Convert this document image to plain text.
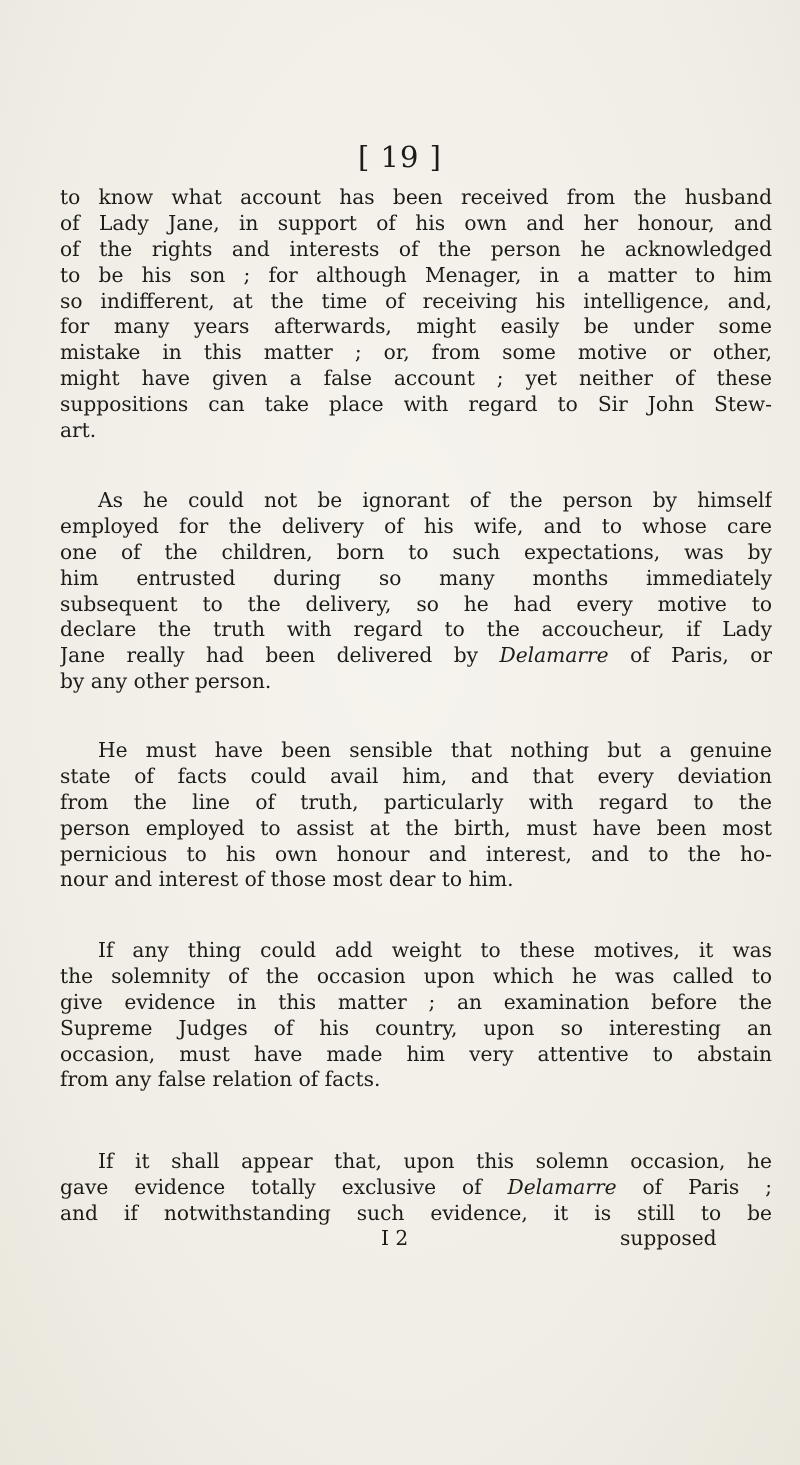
[ 19 ]
to know what account has been received from the husband
of Lady Jane, in support of his own and her honour, and
of the rights and interests of the person he acknowledged
to be his son ; for although Menager, in a matter to him
so indifferent, at the time of receiving his intelligence, and,
for many years afterwards, might easily be under some
mistake in this matter ; or, from some motive or other,
might have given a false account ; yet neither of these
suppositions can take place with regard to Sir John Stew-
art.
As he could not be ignorant of the person by himself
employed for the delivery of his wife, and to whose care
one of the children, born to such expectations, was by
him entrusted during so many months immediately
subsequent to the delivery, so he had every motive to
declare the truth with regard to the accoucheur, if Lady
Jane really had been delivered by Delamarre of Paris, or
by any other person.
He must have been sensible that nothing but a genuine
state of facts could avail him, and that every deviation
from the line of truth, particularly with regard to the
person employed to assist at the birth, must have been most
pernicious to his own honour and interest, and to the ho-
nour and interest of those most dear to him.
If any thing could add weight to these motives, it was
the solemnity of the occasion upon which he was called to
give evidence in this matter ; an examination before the
Supreme Judges of his country, upon so interesting an
occasion, must have made him very attentive to abstain
from any false relation of facts.
If it shall appear that, upon this solemn occasion, he
gave evidence totally exclusive of Delamarre of Paris ;
and if notwithstanding such evidence, it is still to be
I 2	supposed
